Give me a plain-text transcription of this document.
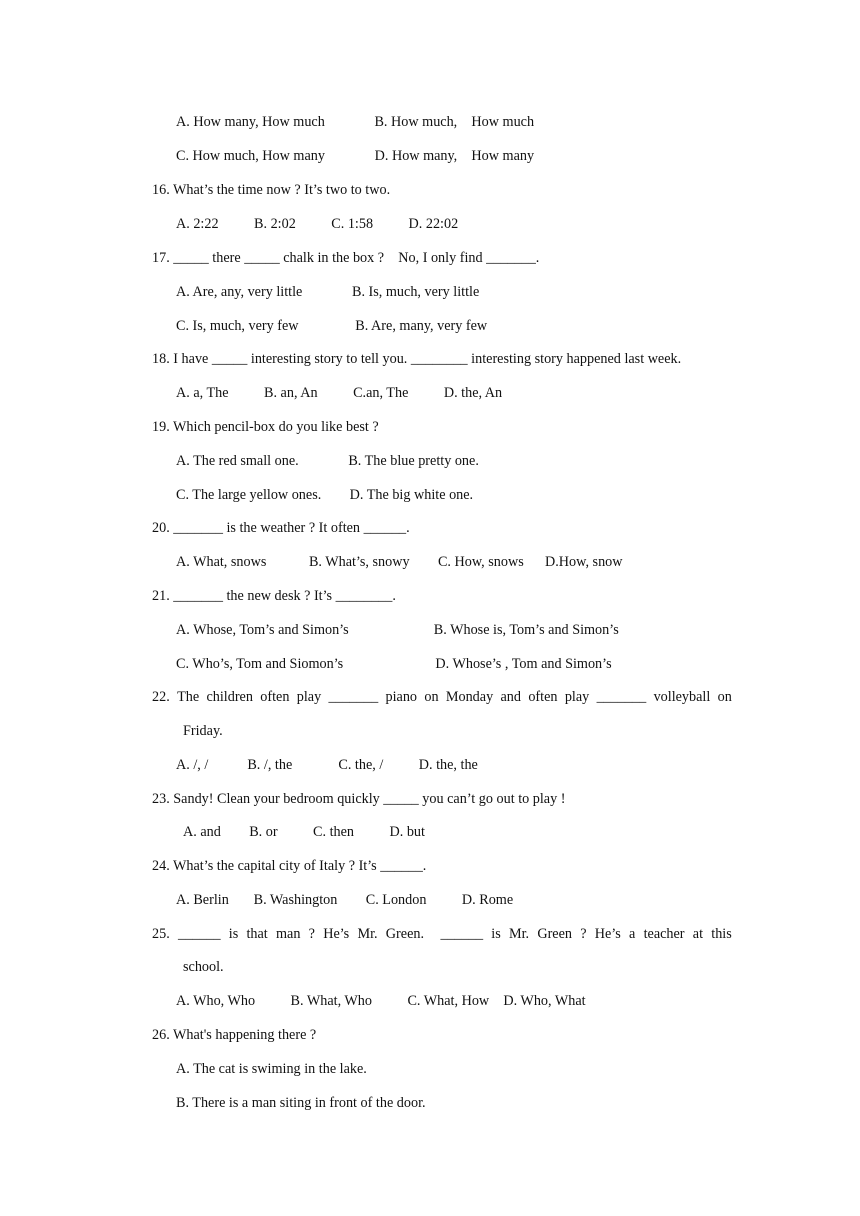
A. How many, How much              B. How much,    How much
C. How much, How many              D. How many,    How many
16. What’s the time now ? It’s two to two.
A. 2:22          B. 2:02          C. 1:58          D. 22:02
17. _____ there _____ chalk in the box ?    No, I only find _______.
A. Are, any, very little              B. Is, much, very little
C. Is, much, very few                B. Are, many, very few
18. I have _____ interesting story to tell you. ________ interesting story happened last week.
A. a, The          B. an, An          C.an, The          D. the, An
19. Which pencil-box do you like best ?
A. The red small one.              B. The blue pretty one.
C. The large yellow ones.        D. The big white one.
20. _______ is the weather ? It often ______.
A. What, snows            B. What’s, snowy        C. How, snows      D.How, snow
21. _______ the new desk ? It’s ________.
A. Whose, Tom’s and Simon’s                        B. Whose is, Tom’s and Simon’s
C. Who’s, Tom and Siomon’s                          D. Whose’s , Tom and Simon’s
22. The children often play _______ piano on Monday and often play _______ volleyball on
Friday.
A. /, /           B. /, the             C. the, /          D. the, the
23. Sandy! Clean your bedroom quickly _____ you can’t go out to play !
A. and        B. or          C. then          D. but
24. What’s the capital city of Italy ? It’s ______.
A. Berlin       B. Washington        C. London          D. Rome
25. ______ is that man ? He’s Mr. Green. ______ is Mr. Green ? He’s a teacher at this
school.
A. Who, Who          B. What, Who          C. What, How    D. Who, What
26. What's happening there ?
A. The cat is swiming in the lake.
B. There is a man siting in front of the door.
